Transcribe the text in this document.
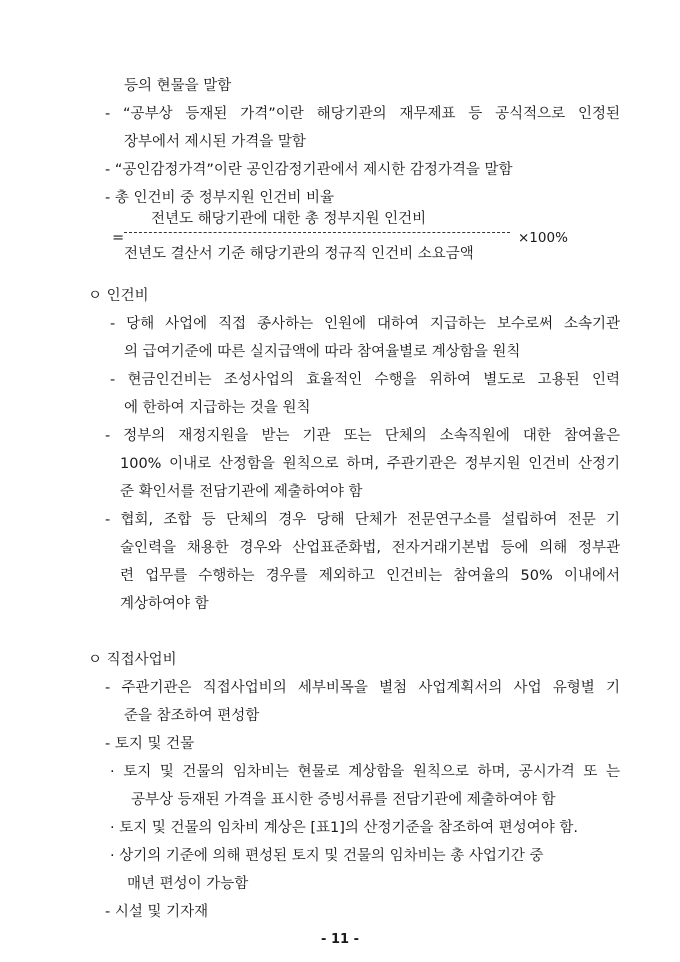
등의 현물을 말함
- “공부상 등재된 가격”이란 해당기관의 재무제표 등 공식적으로 인정된
장부에서 제시된 가격을 말함
- “공인감정가격”이란 공인감정기관에서 제시한 감정가격을 말함
- 총 인건비 중 정부지원 인건비 비율
전년도 해당기관에 대한 총 정부지원 인건비
=	×100%
전년도 결산서 기준 해당기관의 정규직 인건비 소요금액
ㅇ 인건비
- 당해 사업에 직접 종사하는 인원에 대하여 지급하는 보수로써 소속기관
의 급여기준에 따른 실지급액에 따라 참여율별로 계상함을 원칙
- 현금인건비는 조성사업의 효율적인 수행을 위하여 별도로 고용된 인력
에 한하여 지급하는 것을 원칙
- 정부의 재정지원을 받는 기관 또는 단체의 소속직원에 대한 참여율은
100% 이내로 산정함을 원칙으로 하며, 주관기관은 정부지원 인건비 산정기
준 확인서를 전담기관에 제출하여야 함
- 협회, 조합 등 단체의 경우 당해 단체가 전문연구소를 설립하여 전문 기
술인력을 채용한 경우와 산업표준화법, 전자거래기본법 등에 의해 정부관
련 업무를 수행하는 경우를 제외하고 인건비는 참여율의 50% 이내에서
계상하여야 함
ㅇ 직접사업비
- 주관기관은 직접사업비의 세부비목을 별첨 사업계획서의 사업 유형별 기
준을 참조하여 편성함
- 토지 및 건물
· 토지 및 건물의 임차비는 현물로 계상함을 원칙으로 하며, 공시가격 또 는
공부상 등재된 가격을 표시한 증빙서류를 전담기관에 제출하여야 함
· 토지 및 건물의 임차비 계상은 [표1]의 산정기준을 참조하여 편성여야 함.
· 상기의 기준에 의해 편성된 토지 및 건물의 임차비는 총 사업기간 중
매년 편성이 가능함
- 시설 및 기자재
- 11 -
